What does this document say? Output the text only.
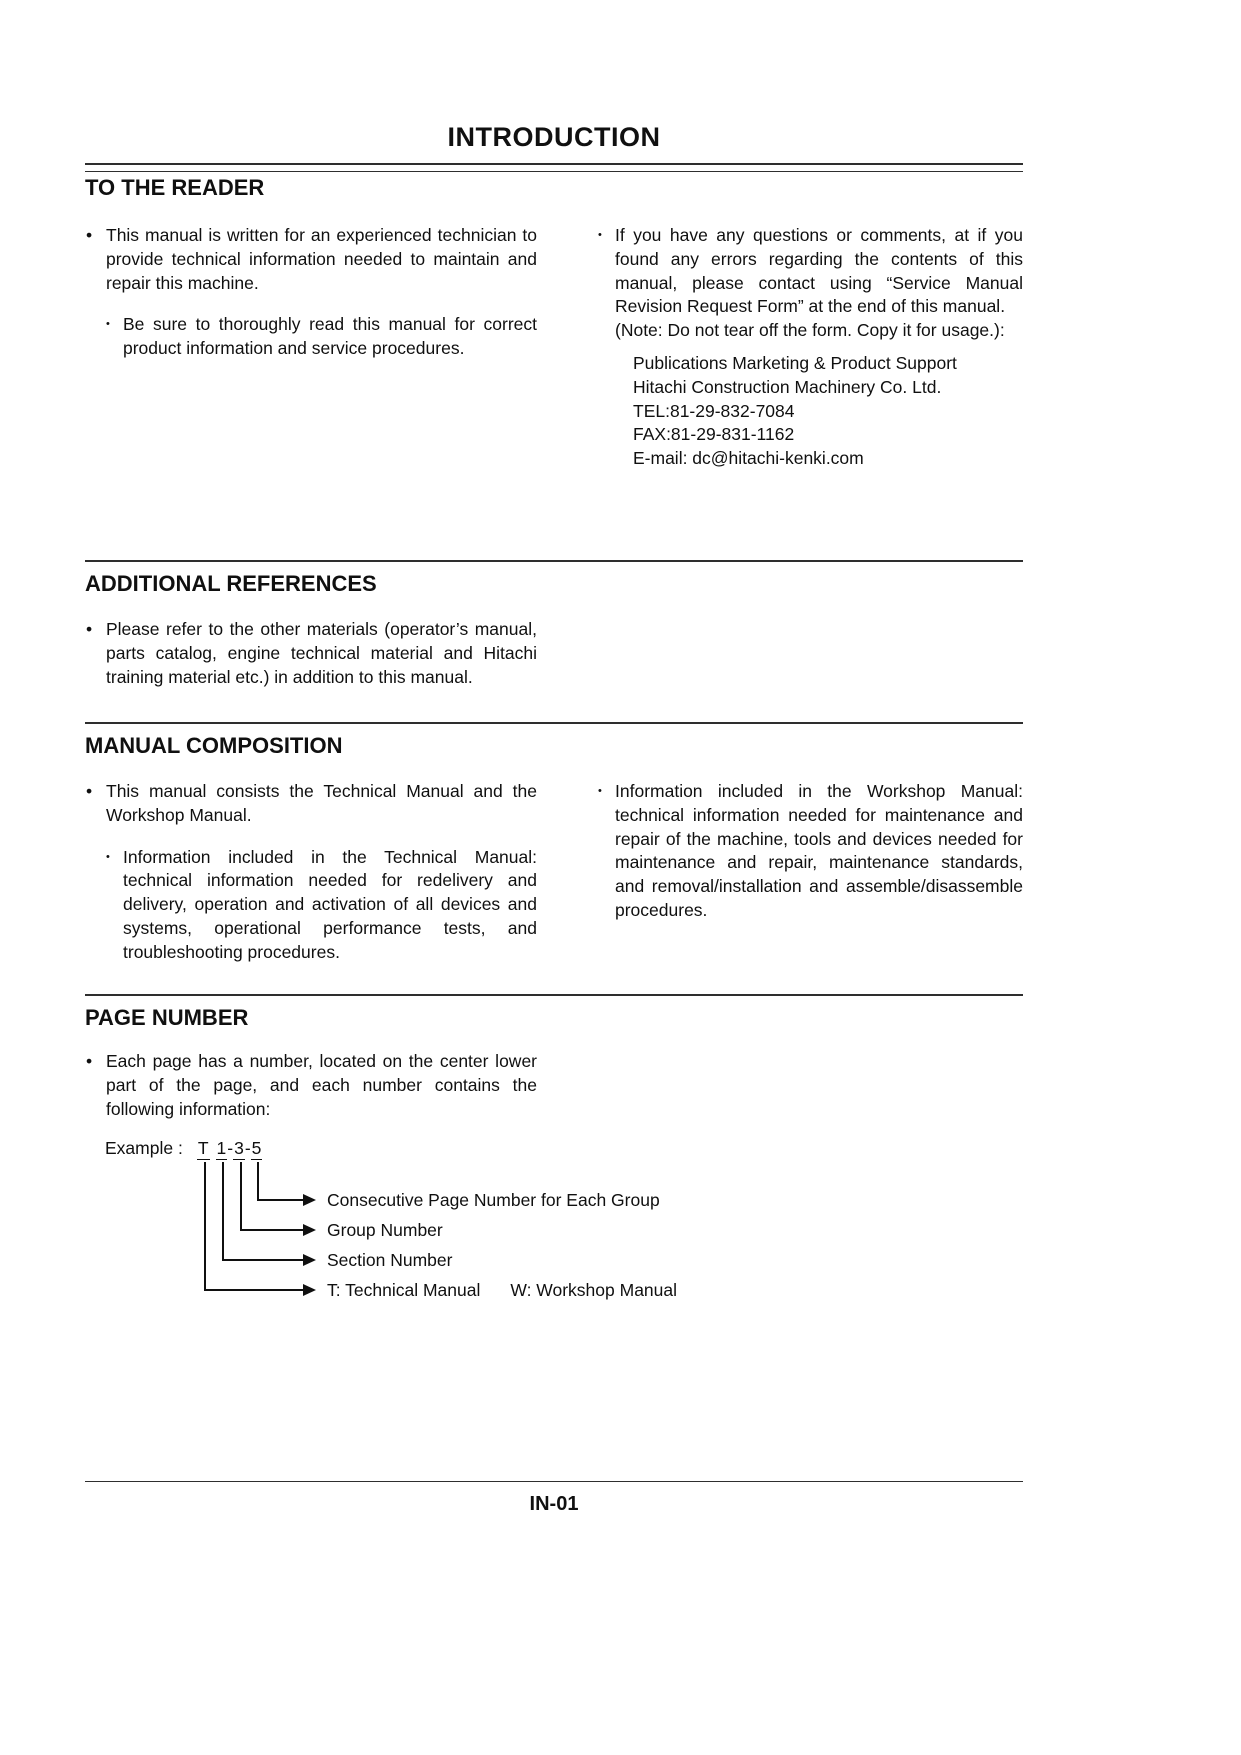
INTRODUCTION
TO THE READER
• This manual is written for an experienced technician to provide technical information needed to maintain and repair this machine.
• Be sure to thoroughly read this manual for correct product information and service procedures.
• If you have any questions or comments, at if you found any errors regarding the contents of this manual, please contact using “Service Manual Revision Request Form” at the end of this manual.
(Note: Do not tear off the form. Copy it for usage.):
Publications Marketing & Product Support
Hitachi Construction Machinery Co. Ltd.
TEL:81-29-832-7084
FAX:81-29-831-1162
E-mail: dc@hitachi-kenki.com
ADDITIONAL REFERENCES
• Please refer to the other materials (operator’s manual, parts catalog, engine technical material and Hitachi training material etc.) in addition to this manual.
MANUAL COMPOSITION
• This manual consists the Technical Manual and the Workshop Manual.
• Information included in the Technical Manual: technical information needed for redelivery and delivery, operation and activation of all devices and systems, operational performance tests, and troubleshooting procedures.
• Information included in the Workshop Manual: technical information needed for maintenance and repair of the machine, tools and devices needed for maintenance and repair, maintenance standards, and removal/installation and assemble/disassemble procedures.
PAGE NUMBER
• Each page has a number, located on the center lower part of the page, and each number contains the following information:
Example : T 1-3-5
Consecutive Page Number for Each Group
Group Number
Section Number
T: Technical Manual W: Workshop Manual
IN-01
